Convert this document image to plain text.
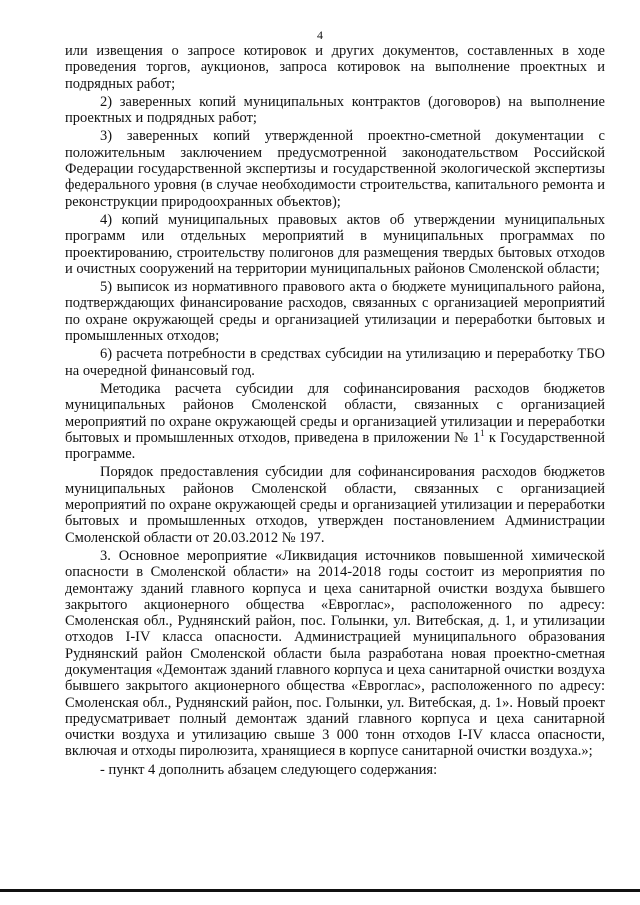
4

или извещения о запросе котировок и других документов, составленных в ходе проведения торгов, аукционов, запроса котировок на выполнение проектных и подрядных работ;

2) заверенных копий муниципальных контрактов (договоров) на выполнение проектных и подрядных работ;

3) заверенных копий утвержденной проектно-сметной документации с положительным заключением предусмотренной законодательством Российской Федерации государственной экспертизы и государственной экологической экспертизы федерального уровня (в случае необходимости строительства, капитального ремонта и реконструкции природоохранных объектов);

4) копий муниципальных правовых актов об утверждении муниципальных программ или отдельных мероприятий в муниципальных программах по проектированию, строительству полигонов для размещения твердых бытовых отходов и очистных сооружений на территории муниципальных районов Смоленской области;

5) выписок из нормативного правового акта о бюджете муниципального района, подтверждающих финансирование расходов, связанных с организацией мероприятий по охране окружающей среды и организацией утилизации и переработки бытовых и промышленных отходов;

6) расчета потребности в средствах субсидии на утилизацию и переработку ТБО на очередной финансовый год.

Методика расчета субсидии для софинансирования расходов бюджетов муниципальных районов Смоленской области, связанных с организацией мероприятий по охране окружающей среды и организацией утилизации и переработки бытовых и промышленных отходов, приведена в приложении № $1^1$ к Государственной программе.

Порядок предоставления субсидии для софинансирования расходов бюджетов муниципальных районов Смоленской области, связанных с организацией мероприятий по охране окружающей среды и организацией утилизации и переработки бытовых и промышленных отходов, утвержден постановлением Администрации Смоленской области от 20.03.2012 № 197.

3. Основное мероприятие «Ликвидация источников повышенной химической опасности в Смоленской области» на 2014-2018 годы состоит из мероприятия по демонтажу зданий главного корпуса и цеха санитарной очистки воздуха бывшего закрытого акционерного общества «Евроглас», расположенного по адресу: Смоленская обл., Руднянский район, пос. Голынки, ул. Витебская, д. 1, и утилизации отходов I-IV класса опасности. Администрацией муниципального образования Руднянский район Смоленской области была разработана новая проектно-сметная документация «Демонтаж зданий главного корпуса и цеха санитарной очистки воздуха бывшего закрытого акционерного общества «Евроглас», расположенного по адресу: Смоленская обл., Руднянский район, пос. Голынки, ул. Витебская, д. 1». Новый проект предусматривает полный демонтаж зданий главного корпуса и цеха санитарной очистки воздуха и утилизацию свыше 3 000 тонн отходов I-IV класса опасности, включая и отходы пиролюзита, хранящиеся в корпусе санитарной очистки воздуха.»;

- пункт 4 дополнить абзацем следующего содержания:
